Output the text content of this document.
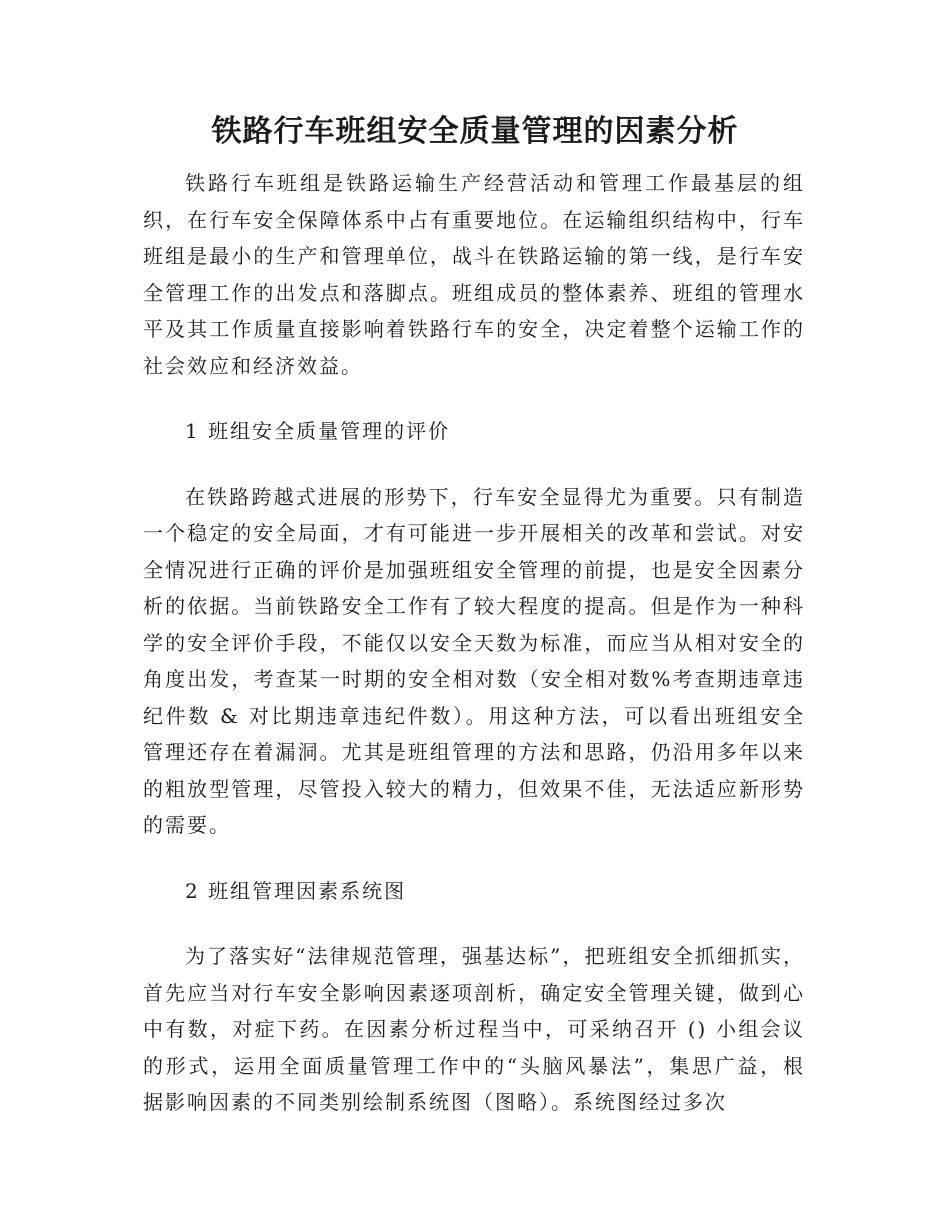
铁路行车班组安全质量管理的因素分析

铁路行车班组是铁路运输生产经营活动和管理工作最基层的组织，在行车安全保障体系中占有重要地位。在运输组织结构中，行车班组是最小的生产和管理单位，战斗在铁路运输的第一线，是行车安全管理工作的出发点和落脚点。班组成员的整体素养、班组的管理水平及其工作质量直接影响着铁路行车的安全，决定着整个运输工作的社会效应和经济效益。

1 班组安全质量管理的评价

在铁路跨越式进展的形势下，行车安全显得尤为重要。只有制造一个稳定的安全局面，才有可能进一步开展相关的改革和尝试。对安全情况进行正确的评价是加强班组安全管理的前提，也是安全因素分析的依据。当前铁路安全工作有了较大程度的提高。但是作为一种科学的安全评价手段，不能仅以安全天数为标准，而应当从相对安全的角度出发，考查某一时期的安全相对数（安全相对数%考查期违章违纪件数 & 对比期违章违纪件数）。用这种方法，可以看出班组安全管理还存在着漏洞。尤其是班组管理的方法和思路，仍沿用多年以来的粗放型管理，尽管投入较大的精力，但效果不佳，无法适应新形势的需要。

2 班组管理因素系统图

为了落实好“法律规范管理，强基达标”，把班组安全抓细抓实，首先应当对行车安全影响因素逐项剖析，确定安全管理关键，做到心中有数，对症下药。在因素分析过程当中，可采纳召开 () 小组会议的形式，运用全面质量管理工作中的“头脑风暴法”，集思广益，根据影响因素的不同类别绘制系统图（图略）。系统图经过多次
